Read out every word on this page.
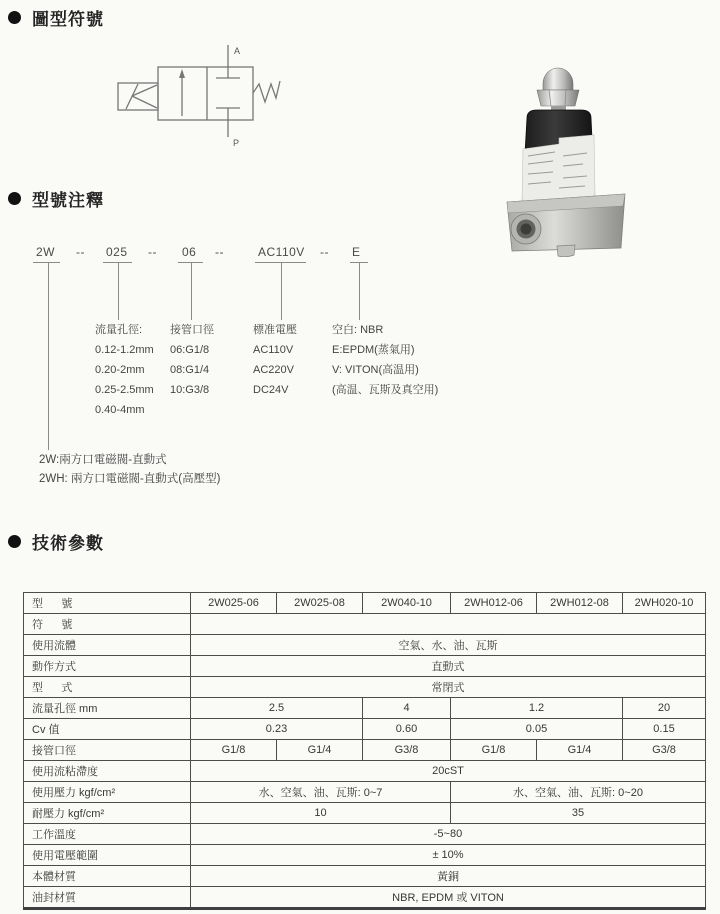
圖型符號
A
P
型號注釋
2W -- 025 -- 06 --	AC110V -- E
流量孔徑:
0.12-1.2mm
0.20-2mm
0.25-2.5mm
0.40-4mm
接管口徑
06:G1/8
08:G1/4
10:G3/8
標准電壓
AC110V
AC220V
DC24V
空白: NBR
E:EPDM(蒸氣用)
V: VITON(高温用)
(高温、瓦斯及真空用)
2W:兩方口電磁閥-直動式
2WH: 兩方口電磁閥-直動式(高壓型)
技術參數
型      號	2W025-06	2W025-08	2W040-10	2WH012-06	2WH012-08	2WH020-10
符      號						
使用流體	空氣、水、油、瓦斯					
動作方式	直動式					
型      式	常閉式					
流量孔徑 mm	2.5		4	1.2		20
Cv 值	0.23		0.60	0.05		0.15
接管口徑	G1/8	G1/4	G3/8	G1/8	G1/4	G3/8
使用流粘滯度	20cST					
使用壓力 kgf/cm²	水、空氣、油、瓦斯: 0~7			水、空氣、油、瓦斯: 0~20		
耐壓力 kgf/cm²	10			35		
工作溫度	-5~80					
使用電壓範圍	± 10%					
本體材質	黃銅					
油封材質	NBR, EPDM 或 VITON					
